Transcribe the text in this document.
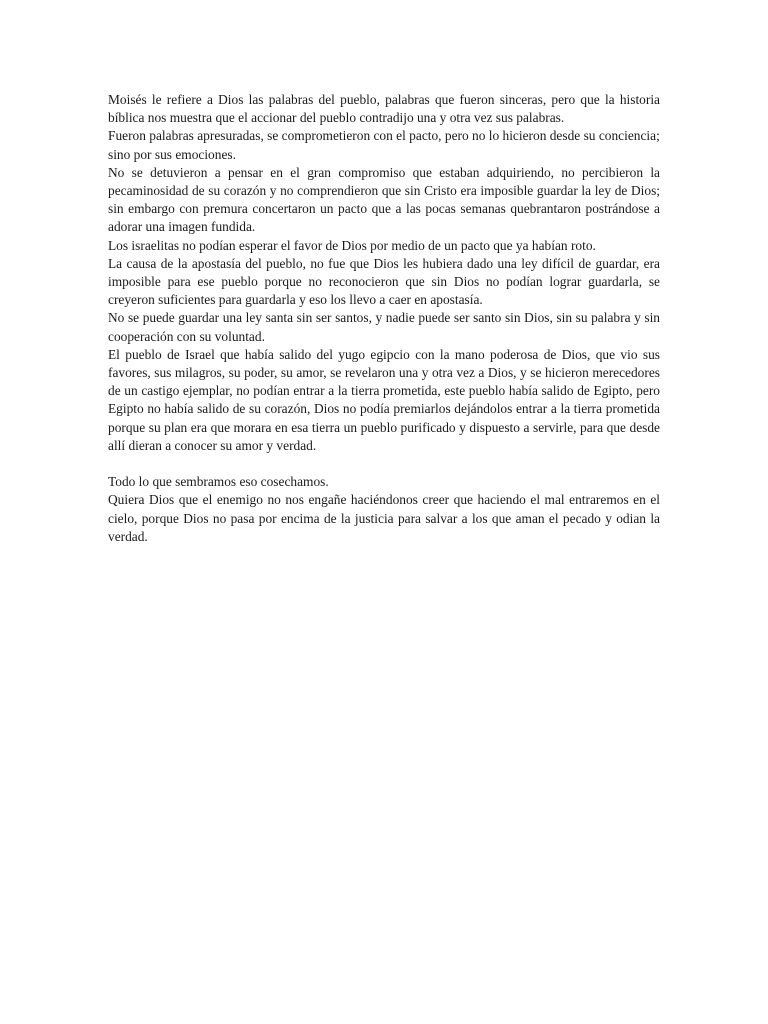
Moisés le refiere a Dios las palabras del pueblo, palabras que fueron sinceras, pero que la historia bíblica nos muestra que el accionar del pueblo contradijo una y otra vez sus palabras.

Fueron palabras apresuradas, se comprometieron con el pacto, pero no lo hicieron desde su conciencia; sino por sus emociones.

No se detuvieron a pensar en el gran compromiso que estaban adquiriendo, no percibieron la pecaminosidad de su corazón y no comprendieron que sin Cristo era imposible guardar la ley de Dios; sin embargo con premura concertaron un pacto que a las pocas semanas quebrantaron postrándose a adorar una imagen fundida.

Los israelitas no podían esperar el favor de Dios por medio de un pacto que ya habían roto.

La causa de la apostasía del pueblo, no fue que Dios les hubiera dado una ley difícil de guardar, era imposible para ese pueblo porque no reconocieron que sin Dios no podían lograr guardarla, se creyeron suficientes para guardarla y eso los llevo a caer en apostasía.

No se puede guardar una ley santa sin ser santos, y nadie puede ser santo sin Dios, sin su palabra y sin cooperación con su voluntad.

El pueblo de Israel que había salido del yugo egipcio con la mano poderosa de Dios, que vio sus favores, sus milagros, su poder, su amor, se revelaron una y otra vez a Dios, y se hicieron merecedores de un castigo ejemplar, no podían entrar a la tierra prometida, este pueblo había salido de Egipto, pero Egipto no había salido de su corazón, Dios no podía premiarlos dejándolos entrar a la tierra prometida porque su plan era que morara en esa tierra un pueblo purificado y dispuesto a servirle, para que desde allí dieran a conocer su amor y verdad.

Todo lo que sembramos eso cosechamos.

Quiera Dios que el enemigo no nos engañe haciéndonos creer que haciendo el mal entraremos en el cielo, porque Dios no pasa por encima de la justicia para salvar a los que aman el pecado y odian la verdad.
